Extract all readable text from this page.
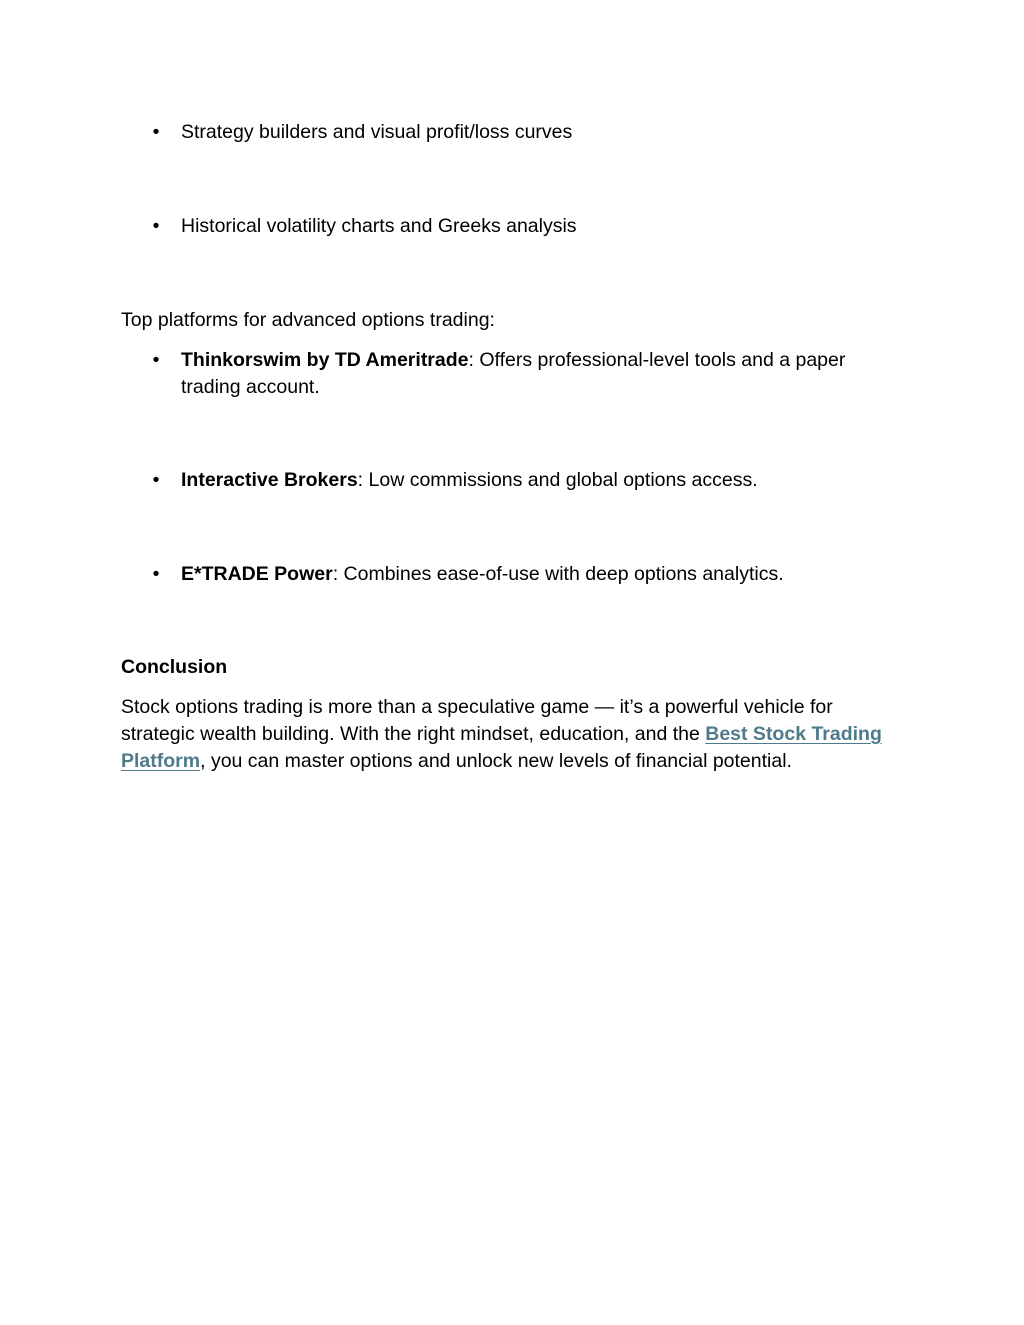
• Strategy builders and visual profit/loss curves
• Historical volatility charts and Greeks analysis
Top platforms for advanced options trading:
• Thinkorswim by TD Ameritrade: Offers professional-level tools and a paper trading account.
• Interactive Brokers: Low commissions and global options access.
• E*TRADE Power: Combines ease-of-use with deep options analytics.
Conclusion
Stock options trading is more than a speculative game — it’s a powerful vehicle for strategic wealth building. With the right mindset, education, and the Best Stock Trading Platform, you can master options and unlock new levels of financial potential.
